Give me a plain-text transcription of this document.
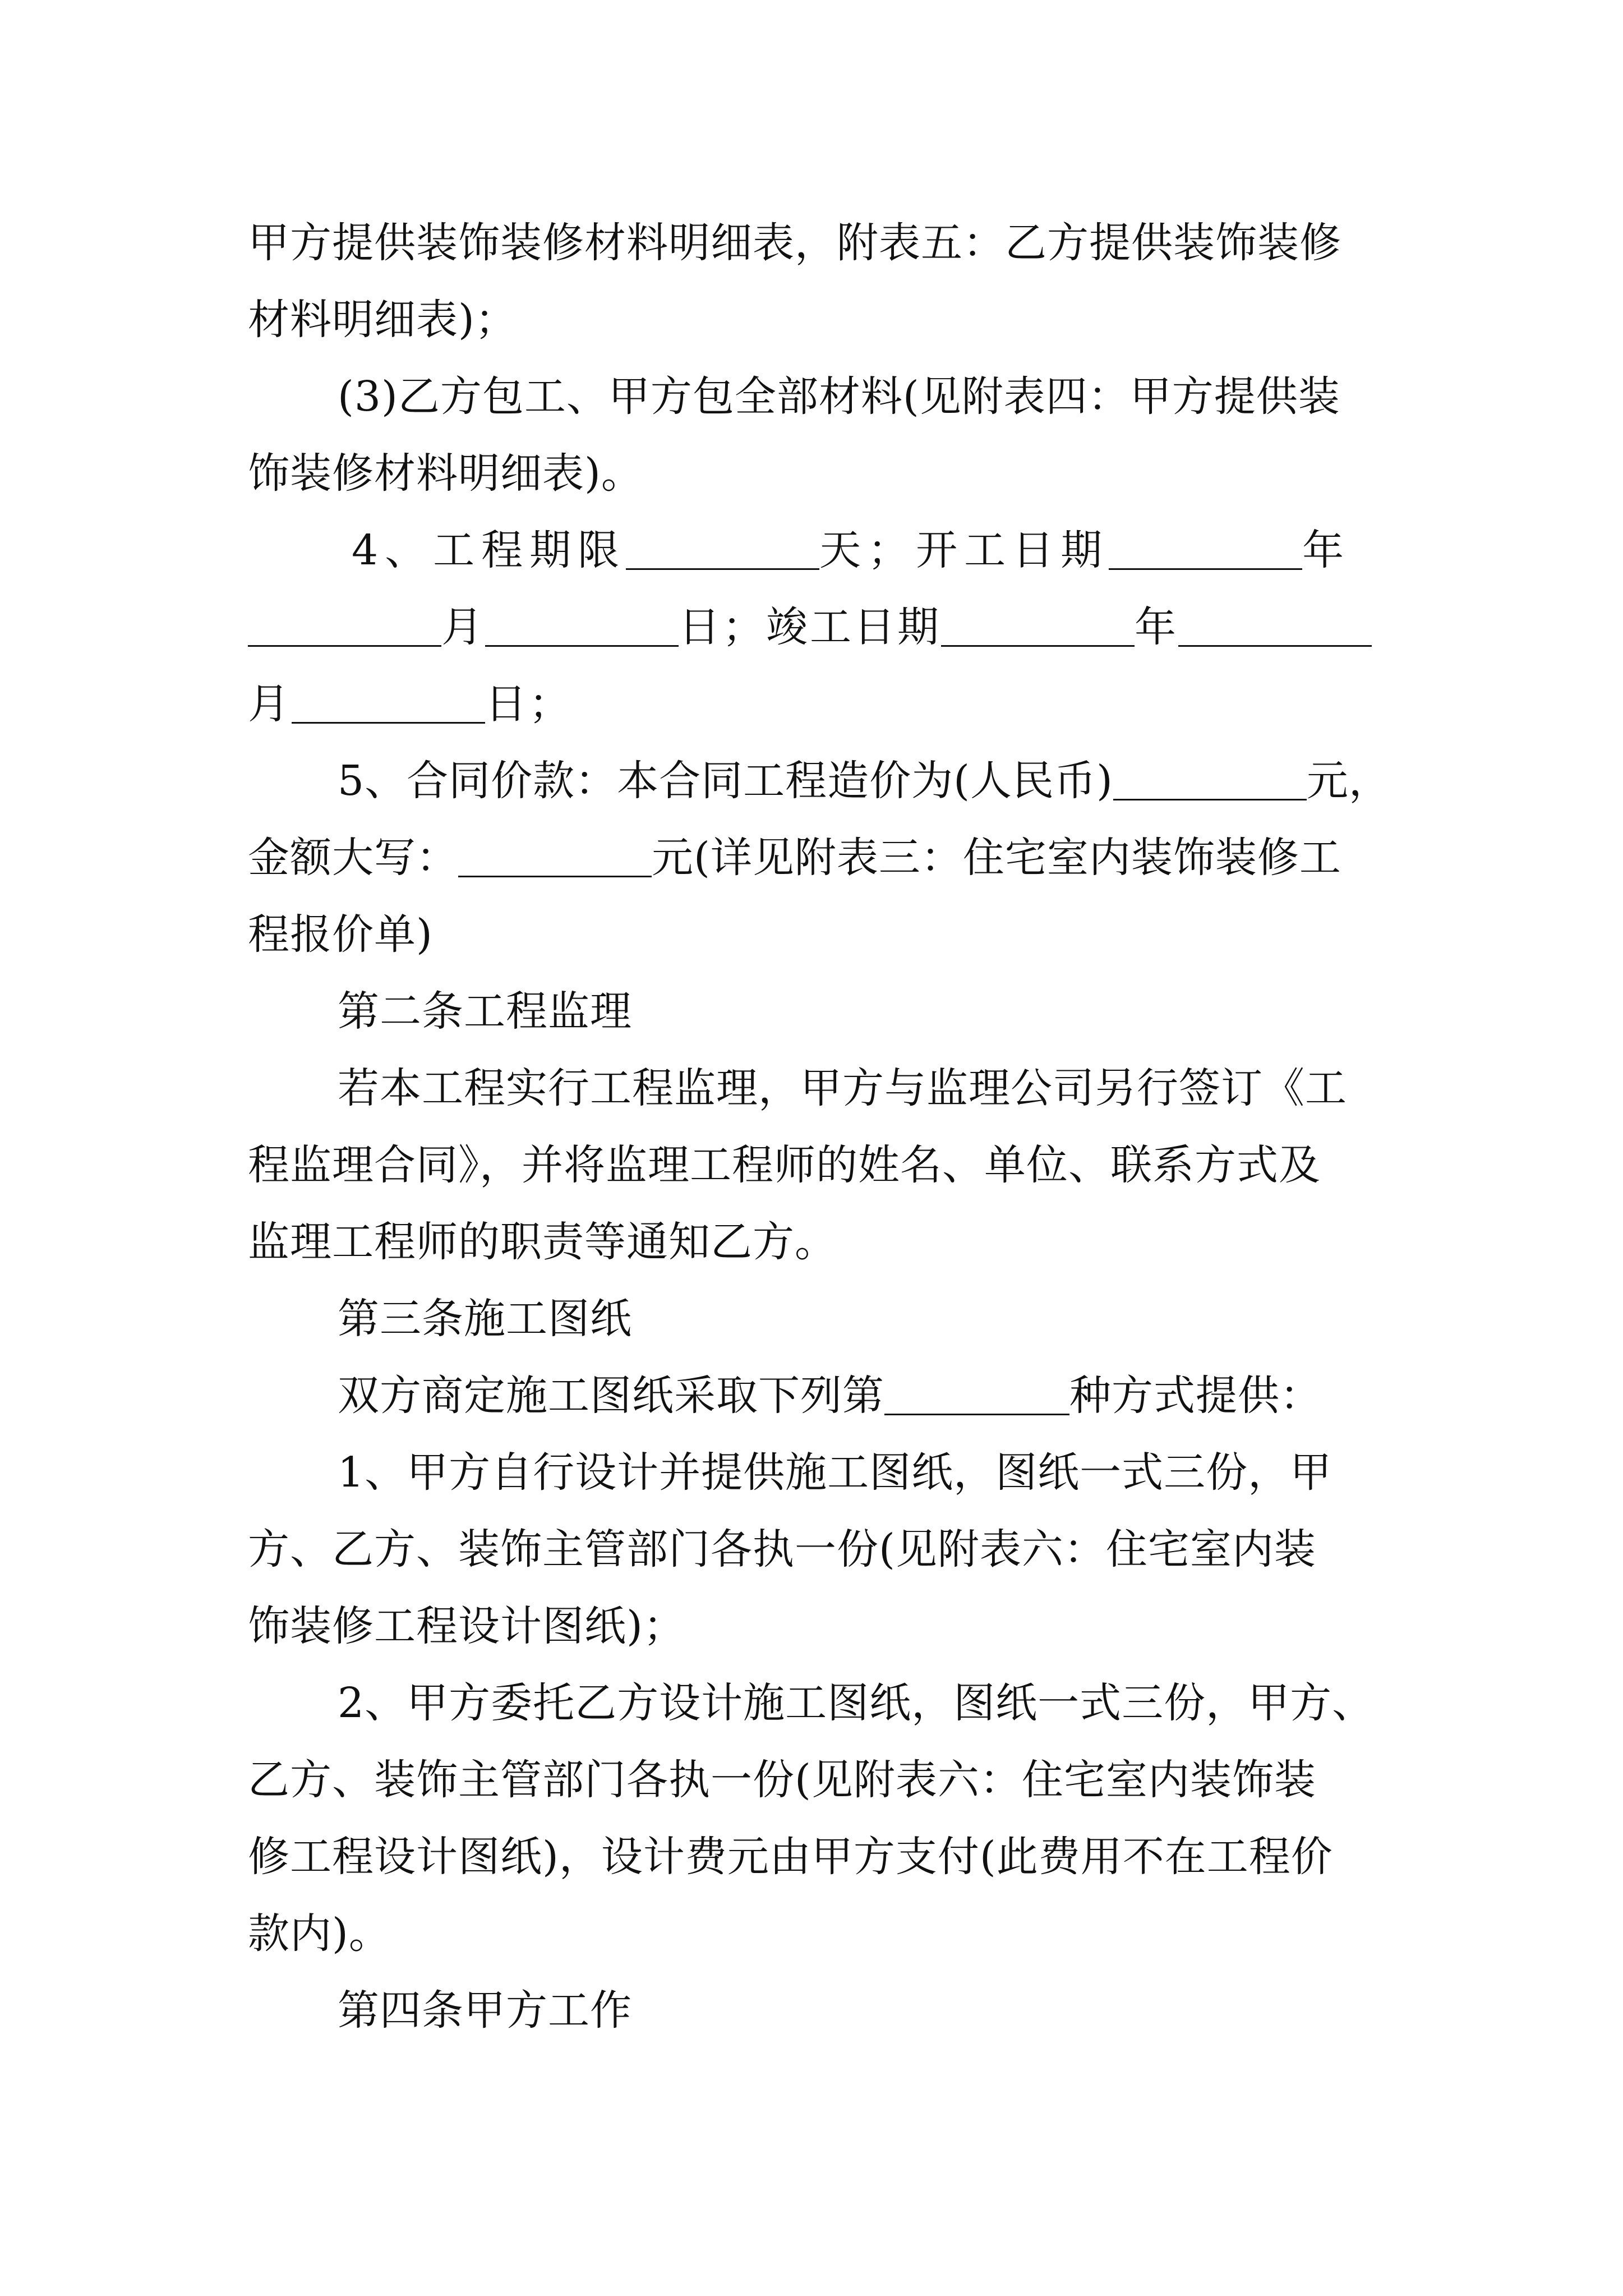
甲方提供装饰装修材料明细表，附表五：乙方提供装饰装修
材料明细表)；
(3)乙方包工、甲方包全部材料(见附表四：甲方提供装
饰装修材料明细表)。
4、工程期限	天；开工日期	年
月	日；竣工日期	年
月	日；
5、合同价款：本合同工程造价为(人民币)	元，
金额大写：	元(详见附表三：住宅室内装饰装修工
程报价单)
第二条工程监理
若本工程实行工程监理，甲方与监理公司另行签订《工
程监理合同》，并将监理工程师的姓名、单位、联系方式及
监理工程师的职责等通知乙方。
第三条施工图纸
双方商定施工图纸采取下列第	种方式提供：
1、甲方自行设计并提供施工图纸，图纸一式三份，甲
方、乙方、装饰主管部门各执一份(见附表六：住宅室内装
饰装修工程设计图纸)；
2、甲方委托乙方设计施工图纸，图纸一式三份，甲方、
乙方、装饰主管部门各执一份(见附表六：住宅室内装饰装
修工程设计图纸)，设计费元由甲方支付(此费用不在工程价
款内)。
第四条甲方工作
